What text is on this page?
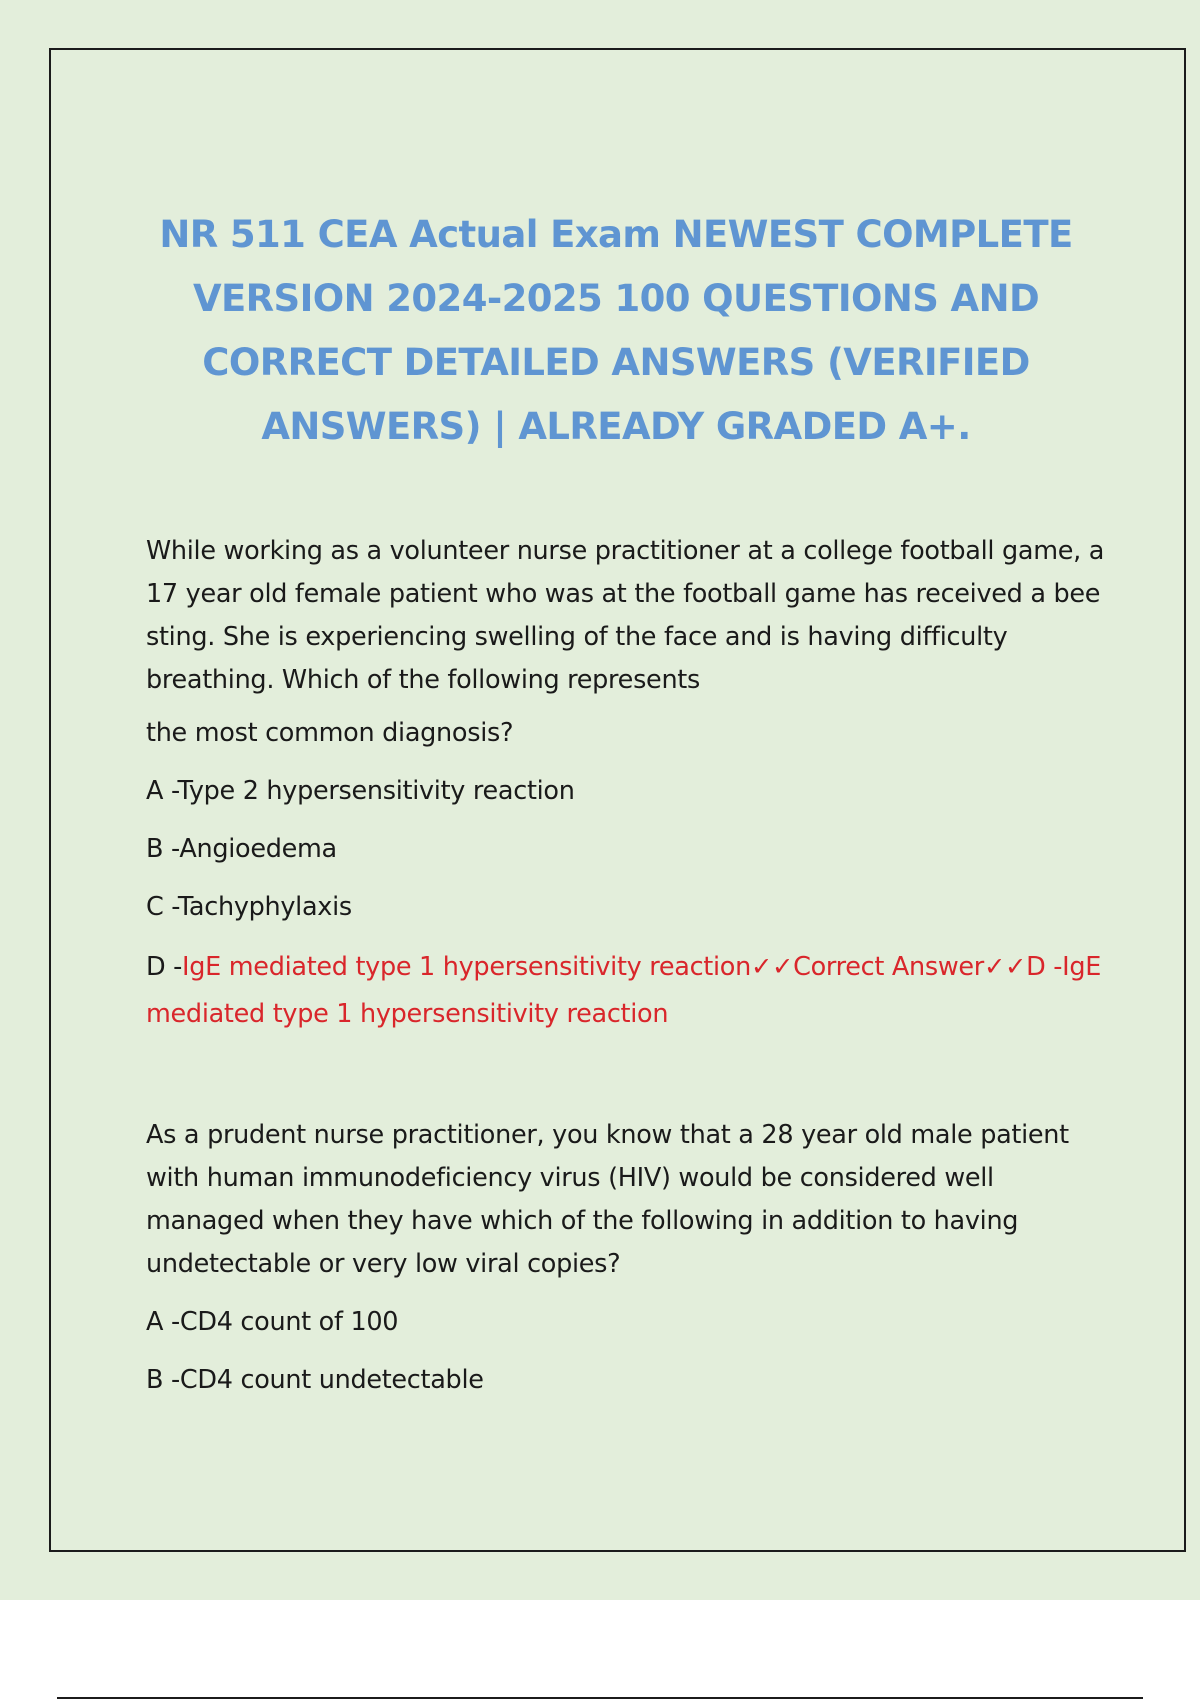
NR 511 CEA Actual Exam NEWEST COMPLETE VERSION 2024-2025 100 QUESTIONS AND CORRECT DETAILED ANSWERS (VERIFIED ANSWERS) | ALREADY GRADED A+.

While working as a volunteer nurse practitioner at a college football game, a 17 year old female patient who was at the football game has received a bee sting. She is experiencing swelling of the face and is having difficulty breathing. Which of the following represents

the most common diagnosis?

A -Type 2 hypersensitivity reaction

B -Angioedema

C -Tachyphylaxis

D -IgE mediated type 1 hypersensitivity reaction✓✓Correct Answer✓✓D -IgE mediated type 1 hypersensitivity reaction

As a prudent nurse practitioner, you know that a 28 year old male patient with human immunodeficiency virus (HIV) would be considered well managed when they have which of the following in addition to having undetectable or very low viral copies?

A -CD4 count of 100

B -CD4 count undetectable
